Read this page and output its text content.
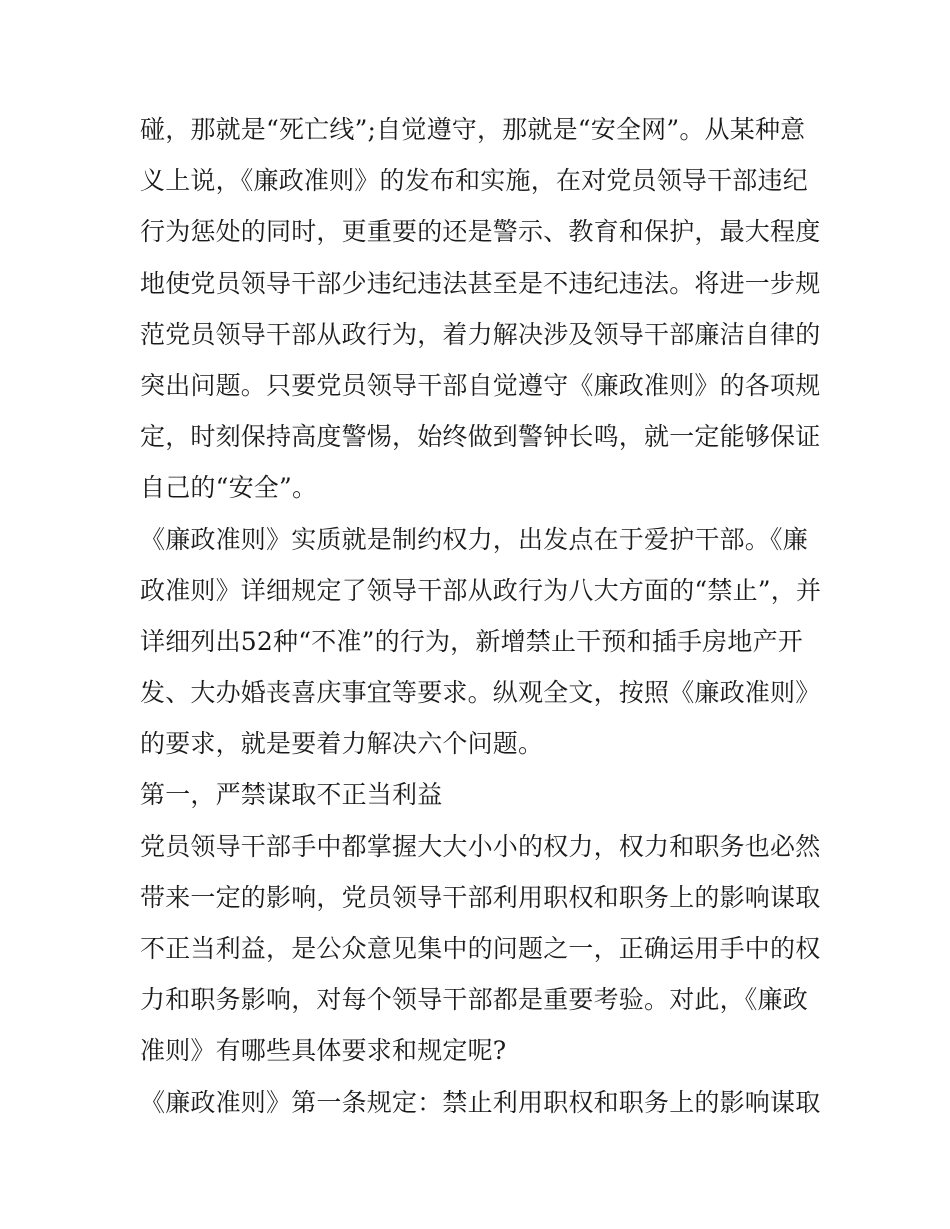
碰，那就是“死亡线”;自觉遵守，那就是“安全网”。从某种意
义上说，《廉政准则》的发布和实施，在对党员领导干部违纪
行为惩处的同时，更重要的还是警示、教育和保护，最大程度
地使党员领导干部少违纪违法甚至是不违纪违法。将进一步规
范党员领导干部从政行为，着力解决涉及领导干部廉洁自律的
突出问题。只要党员领导干部自觉遵守《廉政准则》的各项规
定，时刻保持高度警惕，始终做到警钟长鸣，就一定能够保证
自己的“安全”。
《廉政准则》实质就是制约权力，出发点在于爱护干部。《廉
政准则》详细规定了领导干部从政行为八大方面的“禁止”，并
详细列出52种“不准”的行为，新增禁止干预和插手房地产开
发、大办婚丧喜庆事宜等要求。纵观全文，按照《廉政准则》
的要求，就是要着力解决六个问题。
第一，严禁谋取不正当利益
党员领导干部手中都掌握大大小小的权力，权力和职务也必然
带来一定的影响，党员领导干部利用职权和职务上的影响谋取
不正当利益，是公众意见集中的问题之一，正确运用手中的权
力和职务影响，对每个领导干部都是重要考验。对此，《廉政
准则》有哪些具体要求和规定呢?
《廉政准则》第一条规定：禁止利用职权和职务上的影响谋取
